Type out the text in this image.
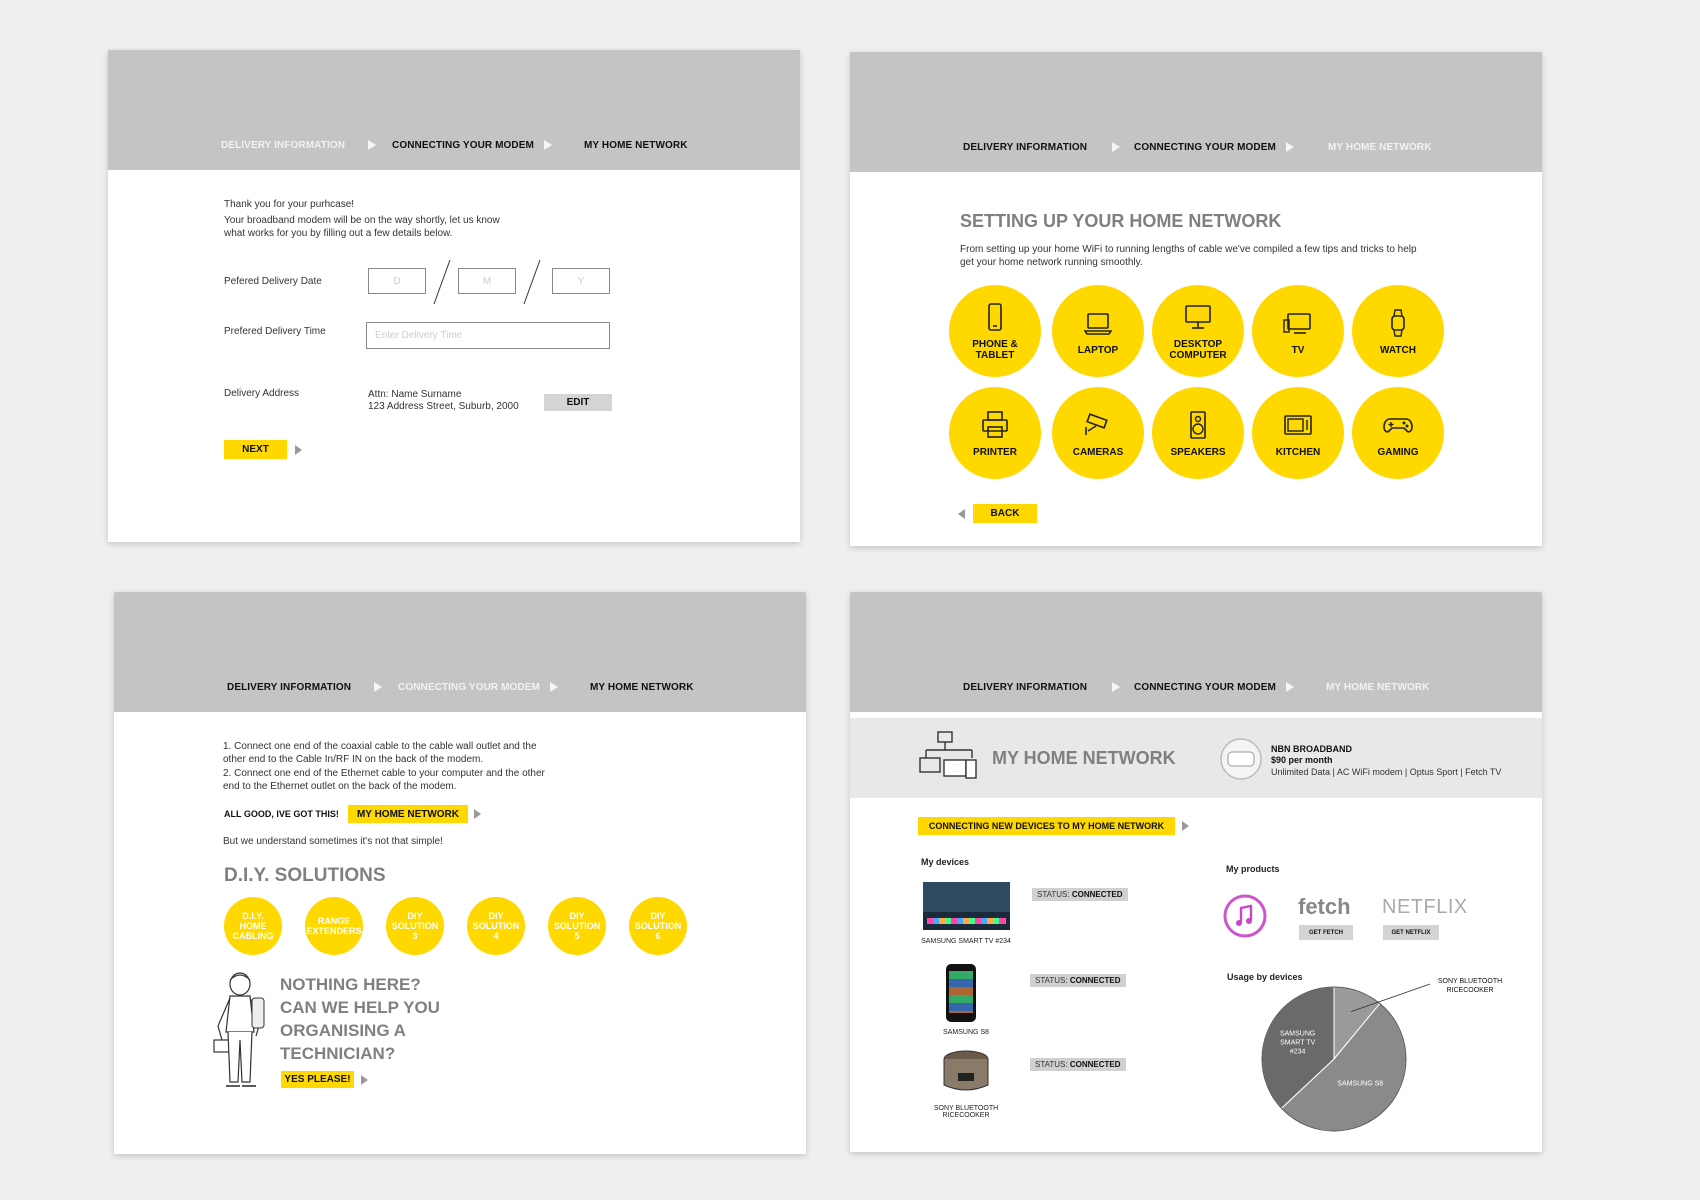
DELIVERY INFORMATION	CONNECTING YOUR MODEM	MY HOME NETWORK
Thank you for your purhcase!
Your broadband modem will be on the way shortly, let us know what works for you by filling out a few details below.
Pefered Delivery Date	D	M	Y
Prefered Delivery Time	Enter Delivery Time
Delivery Address	Attn: Name Surname
123 Address Street, Suburb, 2000	EDIT
NEXT
DELIVERY INFORMATION	CONNECTING YOUR MODEM	MY HOME NETWORK
SETTING UP YOUR HOME NETWORK
From setting up your home WiFi to running lengths of cable we've compiled a few tips and tricks to help get your home network running smoothly.
PHONE & TABLET	LAPTOP	DESKTOP COMPUTER	TV	WATCH
PRINTER	CAMERAS	SPEAKERS	KITCHEN	GAMING
BACK
DELIVERY INFORMATION	CONNECTING YOUR MODEM	MY HOME NETWORK
1. Connect one end of the coaxial cable to the cable wall outlet and the other end to the Cable In/RF IN on the back of the modem.
2. Connect one end of the Ethernet cable to your computer and the other end to the Ethernet outlet on the back of the modem.
ALL GOOD, IVE GOT THIS!	MY HOME NETWORK
But we understand sometimes it's not that simple!
D.I.Y. SOLUTIONS
D.I.Y. HOME CABLING
RANGE EXTENDERS
DIY SOLUTION 3
DIY SOLUTION 4
DIY SOLUTION 5
DIY SOLUTION 6
NOTHING HERE?
CAN WE HELP YOU
ORGANISING A
TECHNICIAN?
YES PLEASE!
DELIVERY INFORMATION	CONNECTING YOUR MODEM	MY HOME NETWORK
MY HOME NETWORK	NBN BROADBAND
$90 per month
Unlimited Data | AC WiFi modem | Optus Sport | Fetch TV
CONNECTING NEW DEVICES TO MY HOME NETWORK
My devices
SAMSUNG SMART TV #234
STATUS: CONNECTED
SAMSUNG S8
STATUS: CONNECTED
SONY BLUETOOTH RICECOOKER
STATUS: CONNECTED
My products
fetch
GET FETCH
NETFLIX
GET NETFLIX
Usage by devices
SAMSUNG
SMART TV
#234
SAMSUNG S8
SONY BLUETOOTH
RICECOOKER
